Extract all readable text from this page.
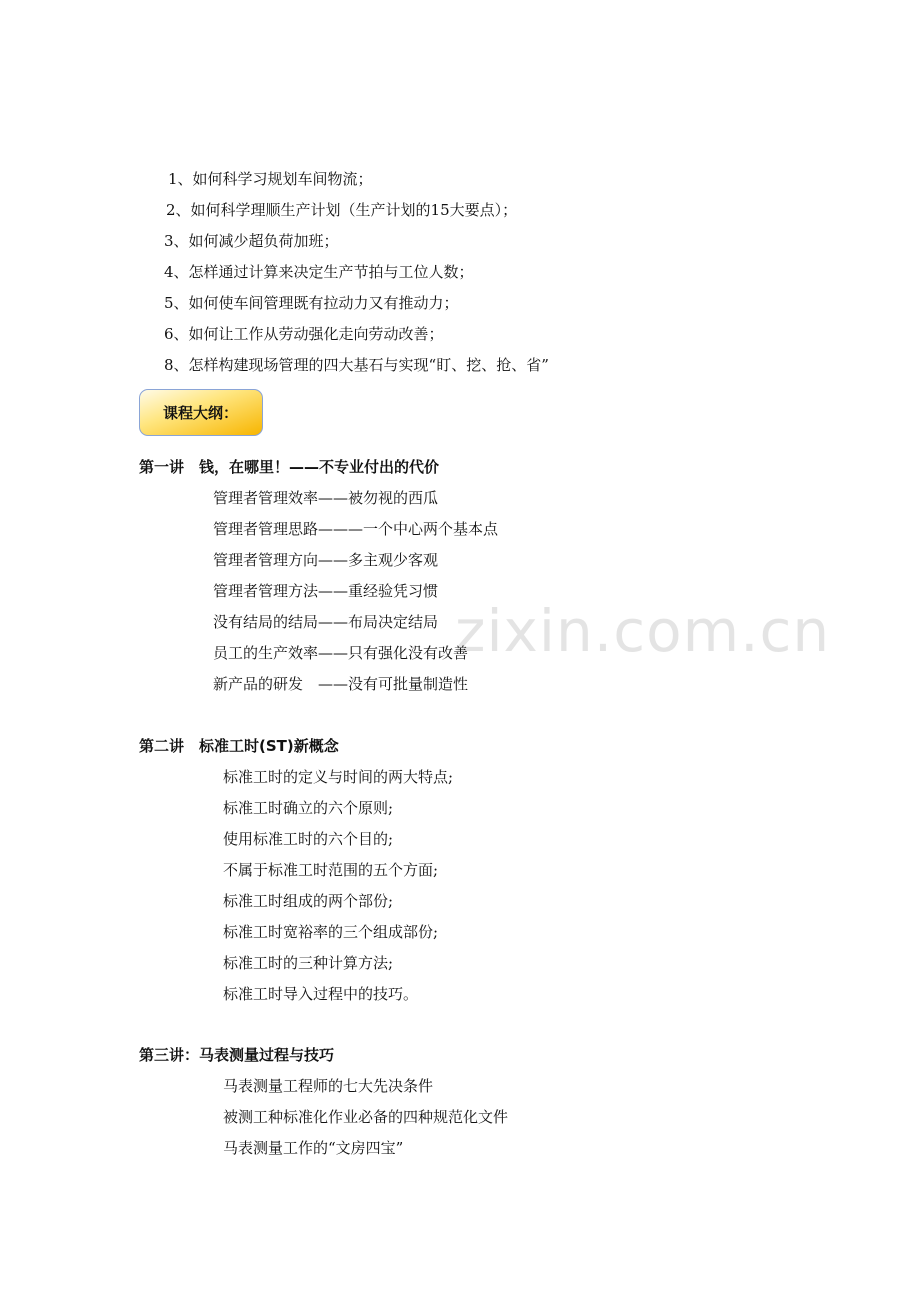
1、如何科学习规划车间物流；
2、如何科学理顺生产计划（生产计划的15大要点）；
3、如何减少超负荷加班；
4、怎样通过计算来决定生产节拍与工位人数；
5、如何使车间管理既有拉动力又有推动力；
6、如何让工作从劳动强化走向劳动改善；
8、怎样构建现场管理的四大基石与实现“盯、挖、抢、省”
课程大纲：
zixin.com.cn
第一讲　钱，在哪里！——不专业付出的代价
管理者管理效率——被勿视的西瓜
管理者管理思路———一个中心两个基本点
管理者管理方向——多主观少客观
管理者管理方法——重经验凭习惯
没有结局的结局——布局决定结局
员工的生产效率——只有强化没有改善
新产品的研发　——没有可批量制造性
第二讲　标准工时(ST)新概念
标准工时的定义与时间的两大特点;
标准工时确立的六个原则;
使用标准工时的六个目的;
不属于标准工时范围的五个方面;
标准工时组成的两个部份;
标准工时宽裕率的三个组成部份;
标准工时的三种计算方法;
标准工时导入过程中的技巧。
第三讲：马表测量过程与技巧
马表测量工程师的七大先决条件
被测工种标准化作业必备的四种规范化文件
马表测量工作的“文房四宝”
